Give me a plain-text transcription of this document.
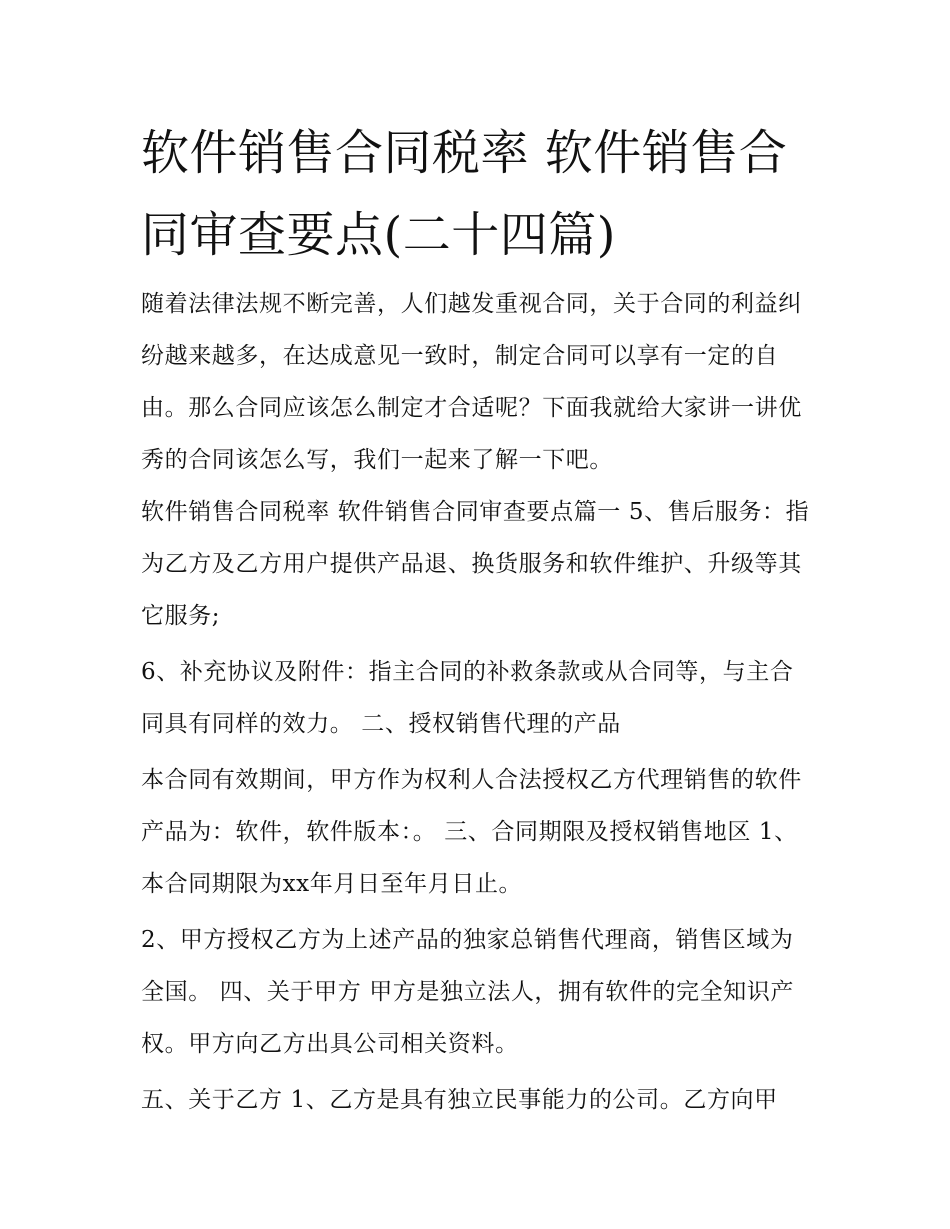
软件销售合同税率 软件销售合同审查要点(二十四篇)

随着法律法规不断完善，人们越发重视合同，关于合同的利益纠纷越来越多，在达成意见一致时，制定合同可以享有一定的自由。那么合同应该怎么制定才合适呢？下面我就给大家讲一讲优秀的合同该怎么写，我们一起来了解一下吧。

软件销售合同税率 软件销售合同审查要点篇一 5、售后服务：指为乙方及乙方用户提供产品退、换货服务和软件维护、升级等其它服务;

6、补充协议及附件：指主合同的补救条款或从合同等，与主合同具有同样的效力。 二、授权销售代理的产品

本合同有效期间，甲方作为权利人合法授权乙方代理销售的软件产品为：软件，软件版本：。 三、合同期限及授权销售地区 1、本合同期限为xx年月日至年月日止。

2、甲方授权乙方为上述产品的独家总销售代理商，销售区域为全国。 四、关于甲方 甲方是独立法人，拥有软件的完全知识产权。甲方向乙方出具公司相关资料。

五、关于乙方 1、乙方是具有独立民事能力的公司。乙方向甲
